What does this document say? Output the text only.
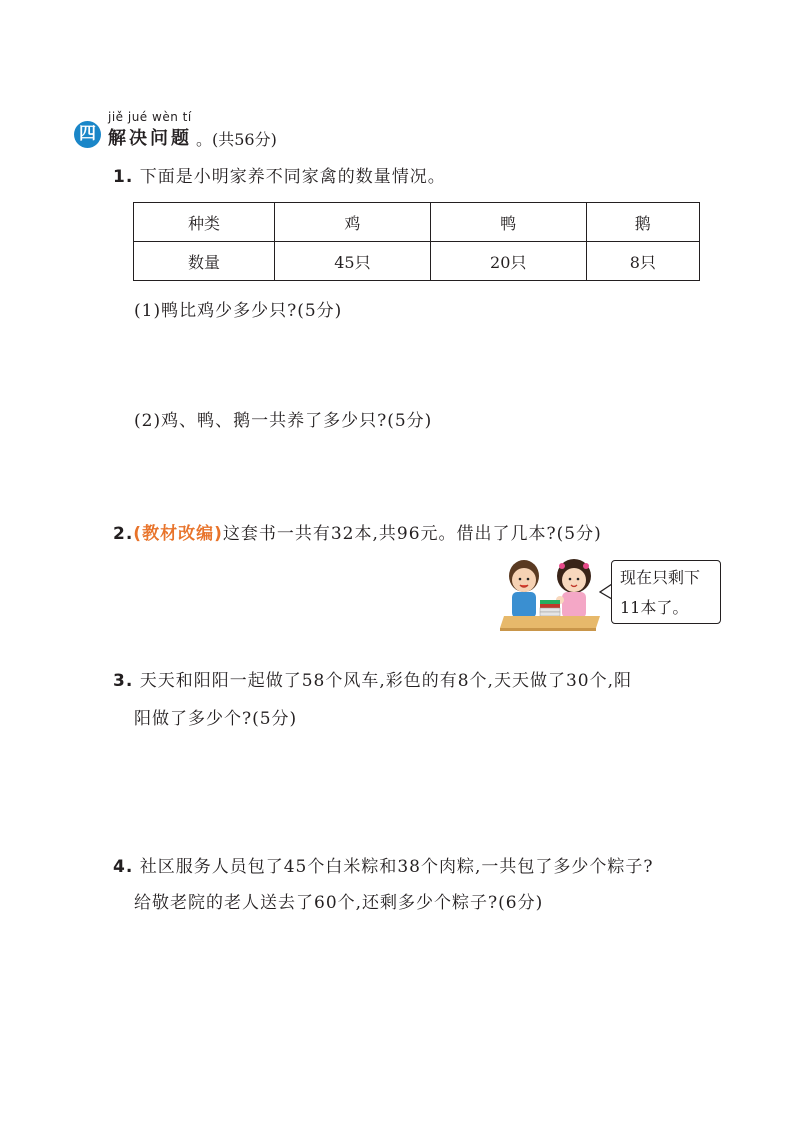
jiě jué wèn tí
四 解决问题 。(共56分)
1. 下面是小明家养不同家禽的数量情况。
种类	鸡	鸭	鹅
数量	45只	20只	8只
(1)鸭比鸡少多少只?(5分)
(2)鸡、鸭、鹅一共养了多少只?(5分)
2.(教材改编)这套书一共有32本,共96元。借出了几本?(5分)
现在只剩下
11本了。
3. 天天和阳阳一起做了58个风车,彩色的有8个,天天做了30个,阳
阳做了多少个?(5分)
4. 社区服务人员包了45个白米粽和38个肉粽,一共包了多少个粽子?
给敬老院的老人送去了60个,还剩多少个粽子?(6分)
